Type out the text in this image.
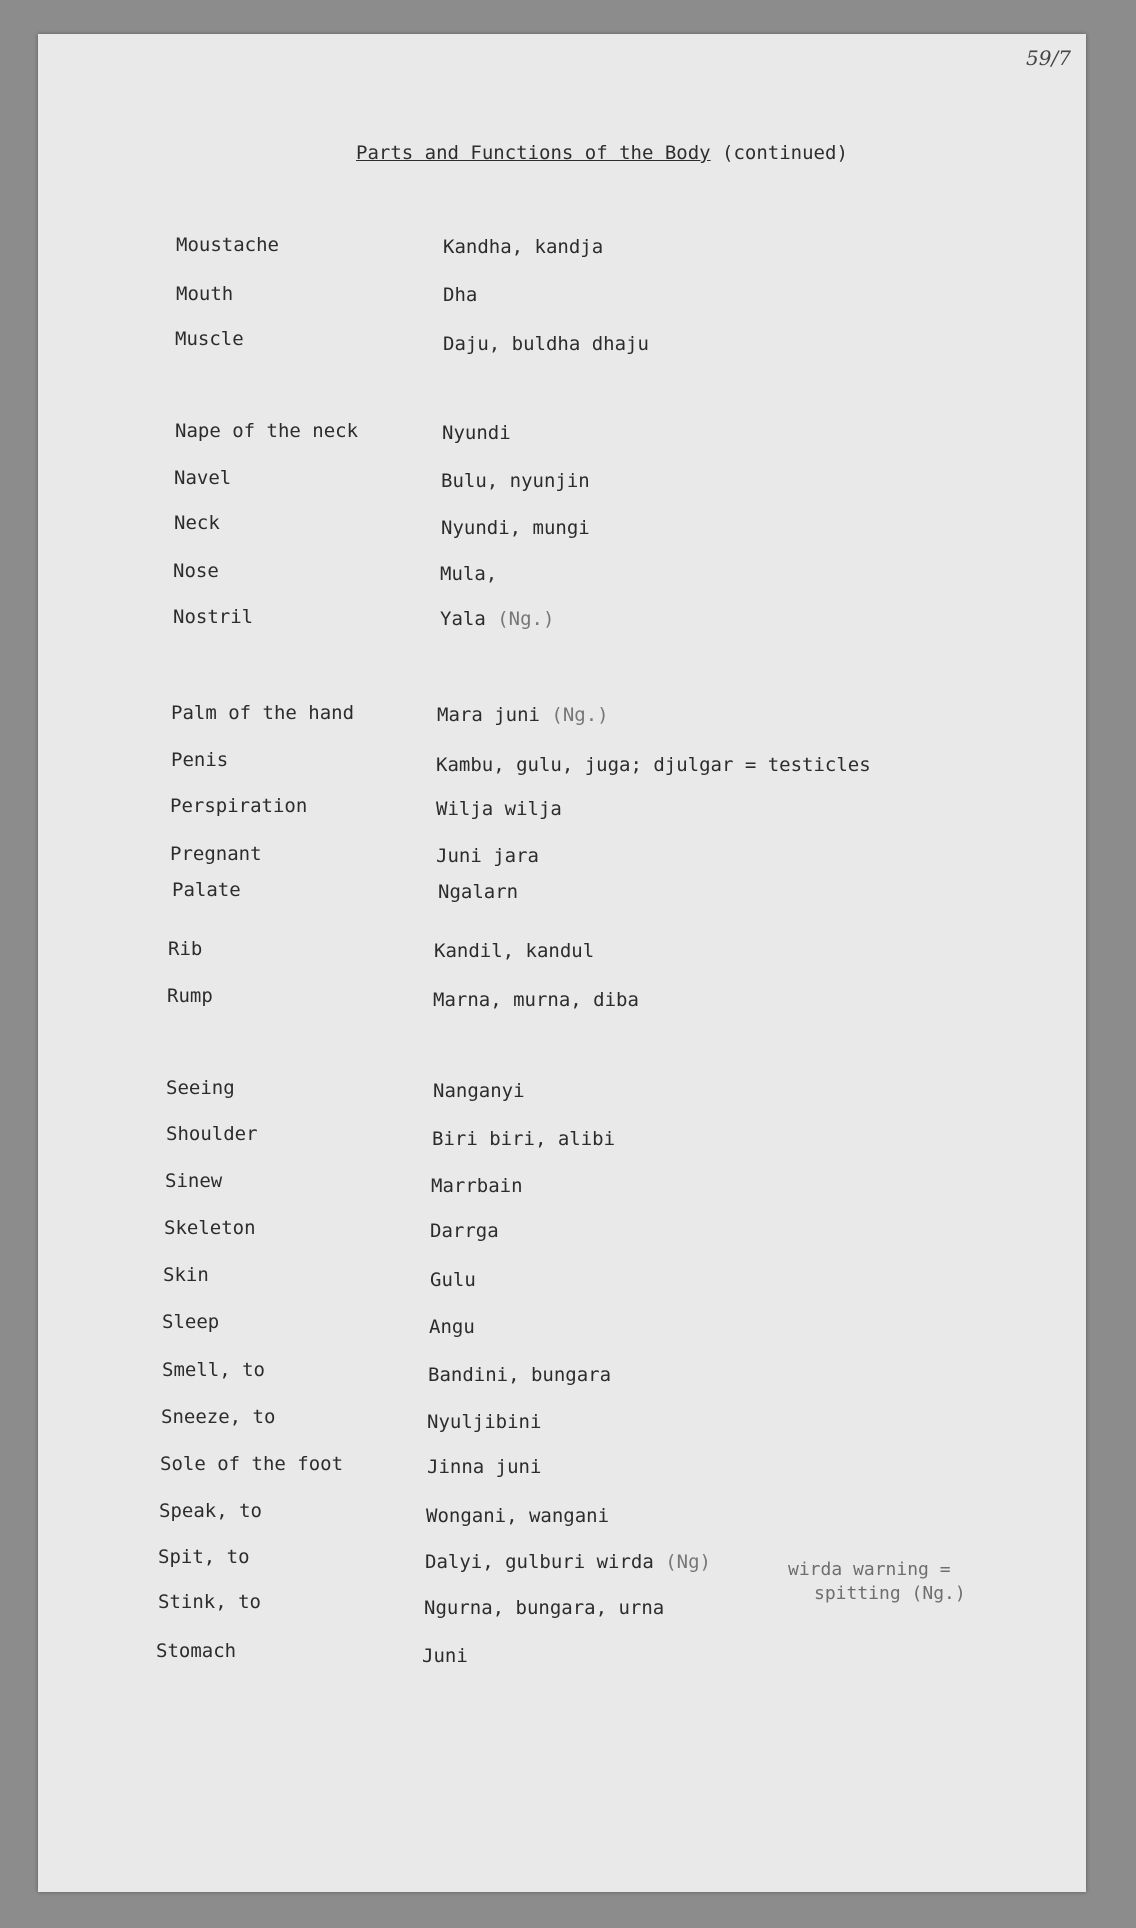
59/7
Parts and Functions of the Body (continued)
Moustache	Kandha, kandja
Mouth	Dha
Muscle	Daju, buldha dhaju
Nape of the neck	Nyundi
Navel	Bulu, nyunjin
Neck	Nyundi, mungi
Nose	Mula,
Nostril	Yala (Ng.)
Palm of the hand	Mara juni (Ng.)
Penis	Kambu, gulu, juga; djulgar = testicles
Perspiration	Wilja wilja
Pregnant	Juni jara
Palate	Ngalarn
Rib	Kandil, kandul
Rump	Marna, murna, diba
Seeing	Nanganyi
Shoulder	Biri biri, alibi
Sinew	Marrbain
Skeleton	Darrga
Skin	Gulu
Sleep	Angu
Smell, to	Bandini, bungara
Sneeze, to	Nyuljibini
Sole of the foot	Jinna juni
Speak, to	Wongani, wangani
Spit, to	Dalyi, gulburi wirda (Ng)
Stink, to	Ngurna, bungara, urna
Stomach	Juni
wirda warning =
spitting (Ng.)
